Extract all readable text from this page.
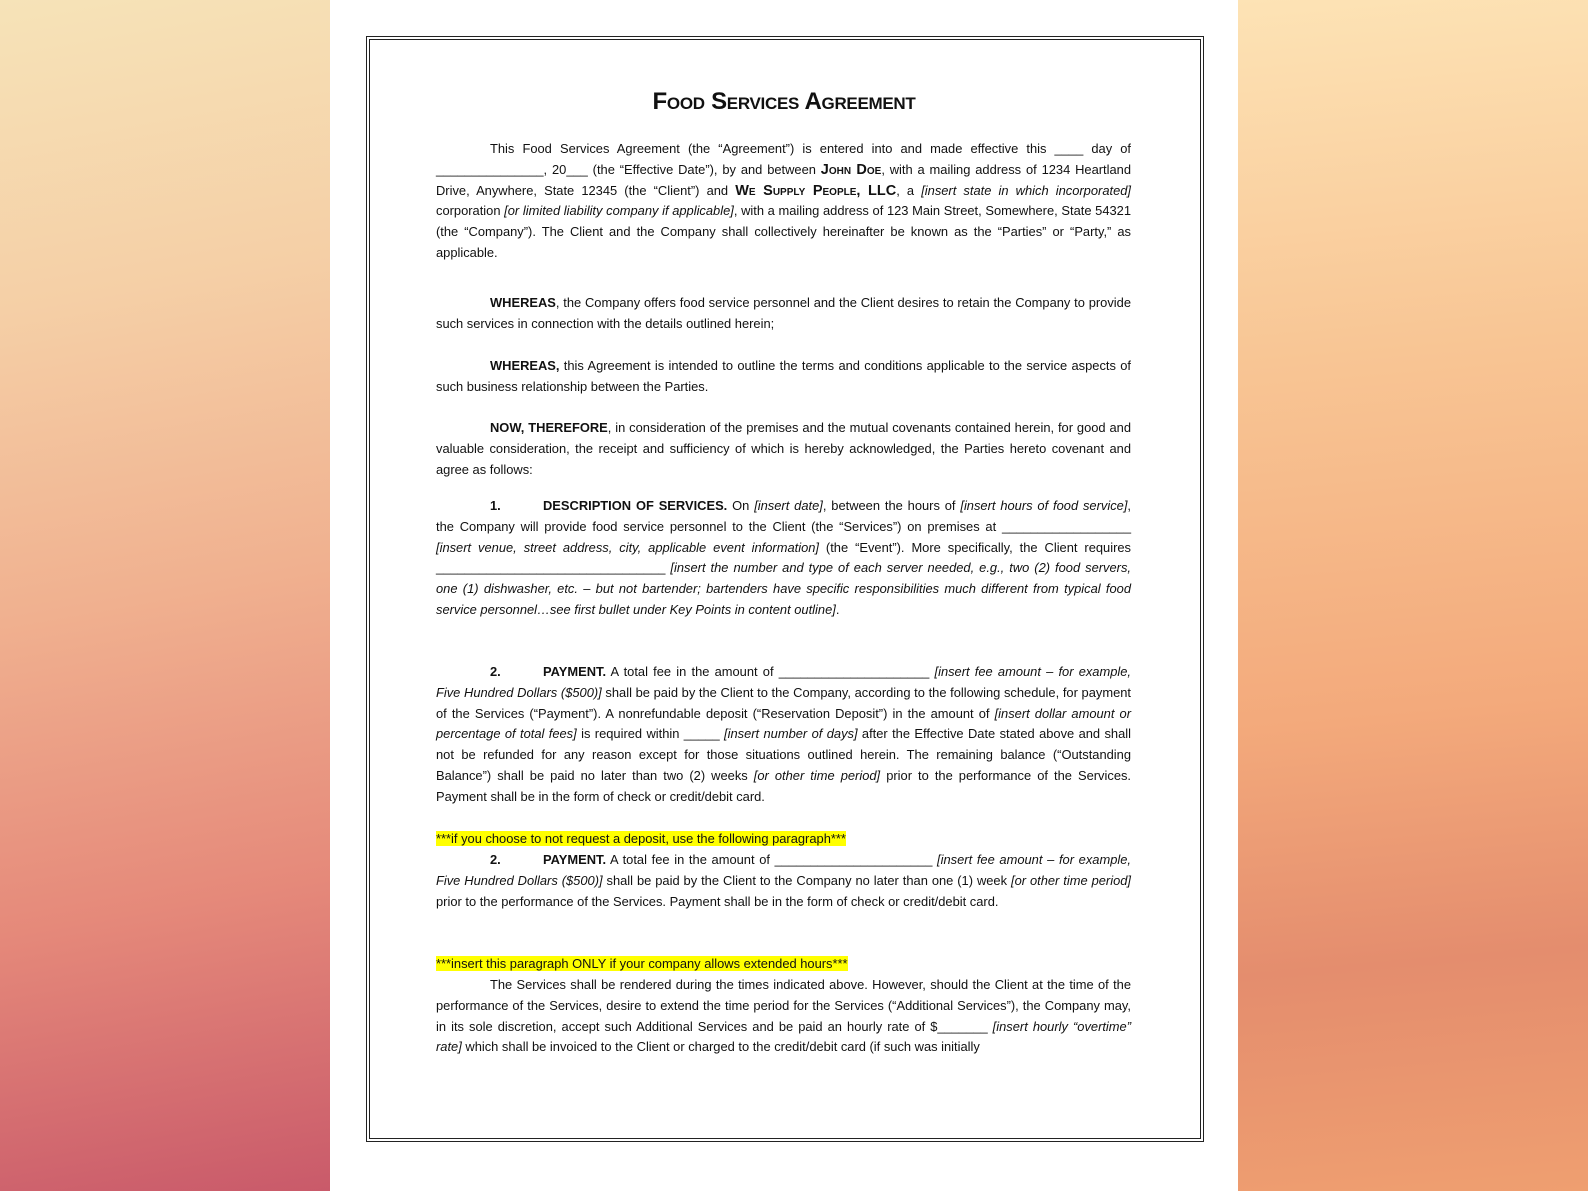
Food Services Agreement
This Food Services Agreement (the “Agreement”) is entered into and made effective this ____ day of _______________, 20___ (the “Effective Date”), by and between John Doe, with a mailing address of 1234 Heartland Drive, Anywhere, State 12345 (the “Client”) and We Supply People, LLC, a [insert state in which incorporated] corporation [or limited liability company if applicable], with a mailing address of 123 Main Street, Somewhere, State 54321 (the “Company”). The Client and the Company shall collectively hereinafter be known as the “Parties” or “Party,” as applicable.
WHEREAS, the Company offers food service personnel and the Client desires to retain the Company to provide such services in connection with the details outlined herein;
WHEREAS, this Agreement is intended to outline the terms and conditions applicable to the service aspects of such business relationship between the Parties.
NOW, THEREFORE, in consideration of the premises and the mutual covenants contained herein, for good and valuable consideration, the receipt and sufficiency of which is hereby acknowledged, the Parties hereto covenant and agree as follows:
1.	DESCRIPTION OF SERVICES. On [insert date], between the hours of [insert hours of food service], the Company will provide food service personnel to the Client (the “Services”) on premises at __________________ [insert venue, street address, city, applicable event information] (the “Event”). More specifically, the Client requires ________________________________ [insert the number and type of each server needed, e.g., two (2) food servers, one (1) dishwasher, etc. – but not bartender; bartenders have specific responsibilities much different from typical food service personnel…see first bullet under Key Points in content outline].
2.	PAYMENT. A total fee in the amount of _____________________ [insert fee amount – for example, Five Hundred Dollars ($500)] shall be paid by the Client to the Company, according to the following schedule, for payment of the Services (“Payment”). A nonrefundable deposit (“Reservation Deposit”) in the amount of [insert dollar amount or percentage of total fees] is required within _____ [insert number of days] after the Effective Date stated above and shall not be refunded for any reason except for those situations outlined herein. The remaining balance (“Outstanding Balance”) shall be paid no later than two (2) weeks [or other time period] prior to the performance of the Services. Payment shall be in the form of check or credit/debit card.
***if you choose to not request a deposit, use the following paragraph***
2.	PAYMENT. A total fee in the amount of ______________________ [insert fee amount – for example, Five Hundred Dollars ($500)] shall be paid by the Client to the Company no later than one (1) week [or other time period] prior to the performance of the Services. Payment shall be in the form of check or credit/debit card.
***insert this paragraph ONLY if your company allows extended hours***
The Services shall be rendered during the times indicated above. However, should the Client at the time of the performance of the Services, desire to extend the time period for the Services (“Additional Services”), the Company may, in its sole discretion, accept such Additional Services and be paid an hourly rate of $_______ [insert hourly “overtime” rate] which shall be invoiced to the Client or charged to the credit/debit card (if such was initially
